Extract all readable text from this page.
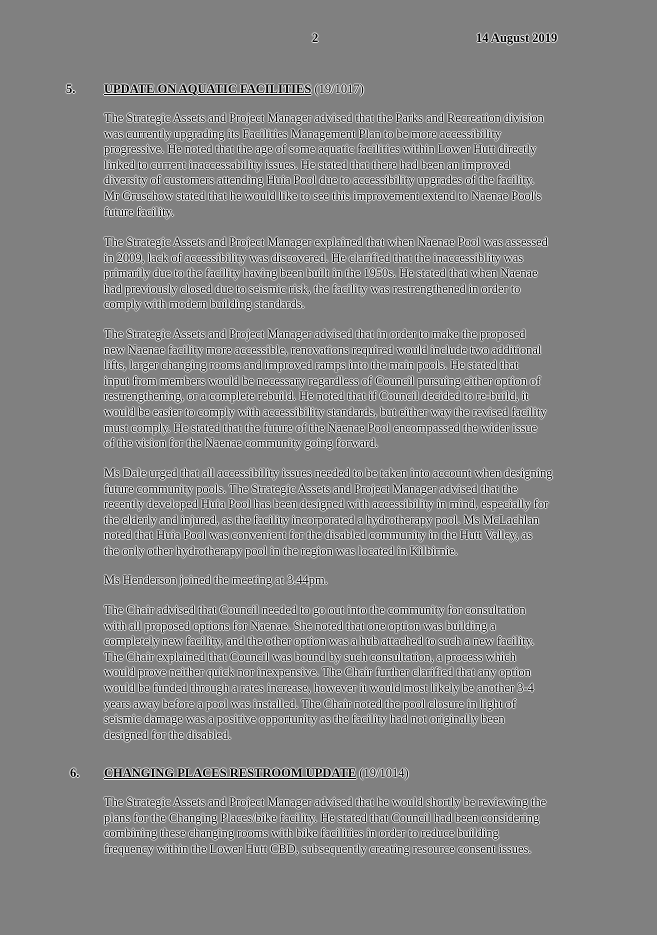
2	14 August 2019
5. UPDATE ON AQUATIC FACILITIES (19/1017)

The Strategic Assets and Project Manager advised that the Parks and Recreation division
was currently upgrading its Facilities Management Plan to be more accessibility
progressive. He noted that the age of some aquatic facilities within Lower Hutt directly
linked to current inaccessability issues. He stated that there had been an improved
diversity of customers attending Huia Pool due to accessibility upgrades of the facility.
Mr Gruschow stated that he would like to see this improvement extend to Naenae Pool's
future facility.

The Strategic Assets and Project Manager explained that when Naenae Pool was assessed
in 2009, lack of accessibility was discovered. He clarified that the inaccessiblity was
primarily due to the facility having been built in the 1950s. He stated that when Naenae
had previously closed due to seismic risk, the facility was restrengthened in order to
comply with modern building standards.

The Strategic Assets and Project Manager advised that in order to make the proposed
new Naenae facility more accessible, renovations required would include two additional
lifts, larger changing rooms and improved ramps into the main pools. He stated that
input from members would be necessary regardless of Council pursuing either option of
restrengthening, or a complete rebuild. He noted that if Council decided to re-build, it
would be easier to comply with accessibility standards, but either way the revised facility
must comply. He stated that the future of the Naenae Pool encompassed the wider issue
of the vision for the Naenae community going forward.

Ms Dale urged that all accessibility issues needed to be taken into account when designing
future community pools. The Strategic Assets and Project Manager advised that the
recently developed Huia Pool has been designed with accessibility in mind, especially for
the elderly and injured, as the facility incorporated a hydrotherapy pool. Ms McLachlan
noted that Huia Pool was convenient for the disabled community in the Hutt Valley, as
the only other hydrotherapy pool in the region was located in Kilbirnie.

Ms Henderson joined the meeting at 3.44pm.

The Chair advised that Council needed to go out into the community for consultation
with all proposed options for Naenae. She noted that one option was building a
completely new facility, and the other option was a hub attached to such a new facility.
The Chair explained that Council was bound by such consultation, a process which
would prove neither quick nor inexpensive. The Chair further clarified that any option
would be funded through a rates increase, however it would most likely be another 3-4
years away before a pool was installed. The Chair noted the pool closure in light of
seismic damage was a positive opportunity as the facility had not originally been
designed for the disabled.

6. CHANGING PLACES RESTROOM UPDATE (19/1014)

The Strategic Assets and Project Manager advised that he would shortly be reviewing the
plans for the Changing Places/bike facility. He stated that Council had been considering
combining these changing rooms with bike facilities in order to reduce building
frequency within the Lower Hutt CBD, subsequently creating resource consent issues.
